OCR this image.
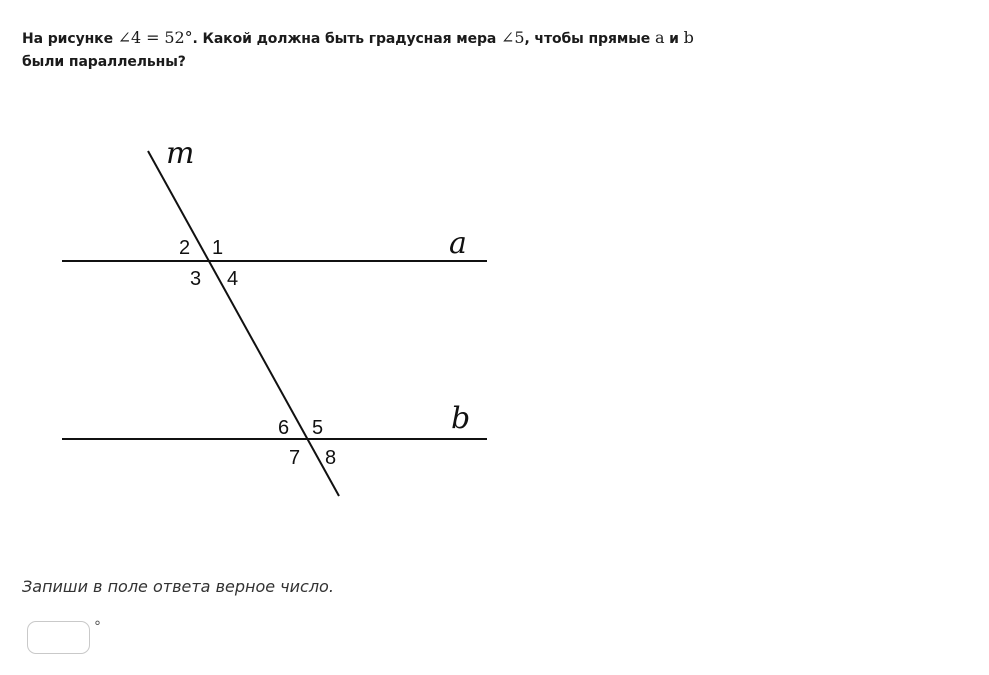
На рисунке ∠4 = 52°. Какой должна быть градусная мера ∠5, чтобы прямые a и b были параллельны?
m
a
b
1
2
3 4
5
6
7 8
Запиши в поле ответа верное число.
°
